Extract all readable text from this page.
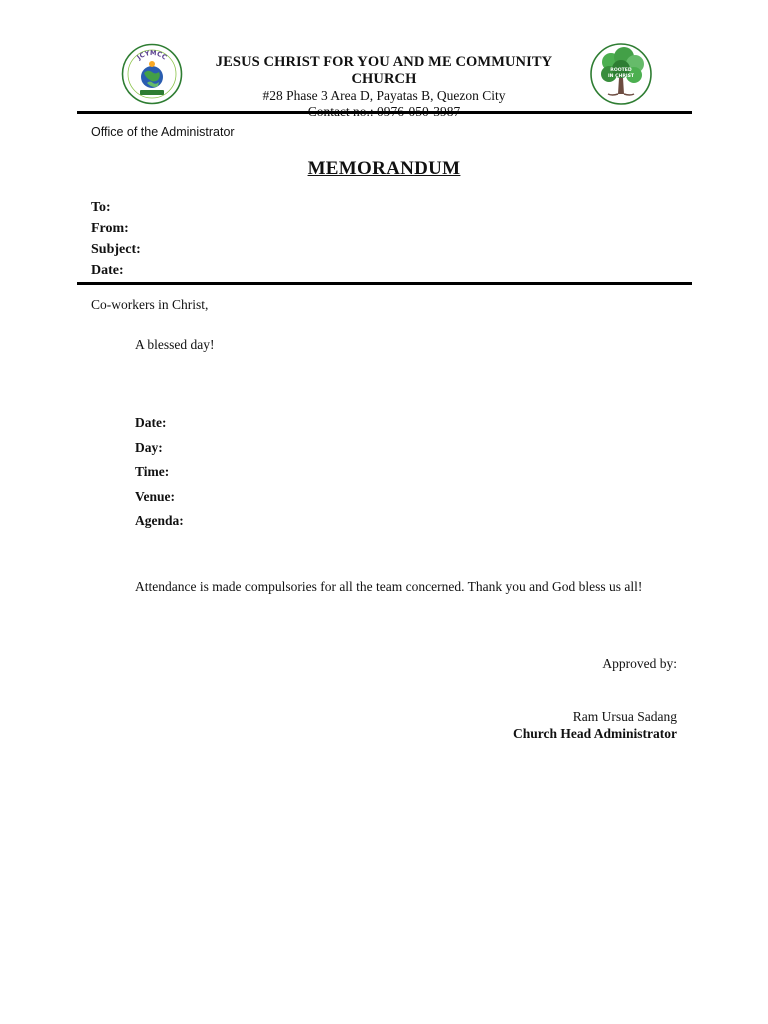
JCYMCC	JESUS CHRIST FOR YOU AND ME COMMUNITY CHURCH
#28 Phase 3 Area D, Payatas B, Quezon City
ROOTED
IN CHRIST
Office of the Administrator
MEMORANDUM
To:
From:
Subject:
Date:
Co-workers in Christ,
A blessed day!
Date:
Day:
Time:
Venue:
Agenda:
Attendance is made compulsories for all the team concerned. Thank you and God bless us all!
Approved by:
Ram Ursua Sadang
Church Head Administrator
